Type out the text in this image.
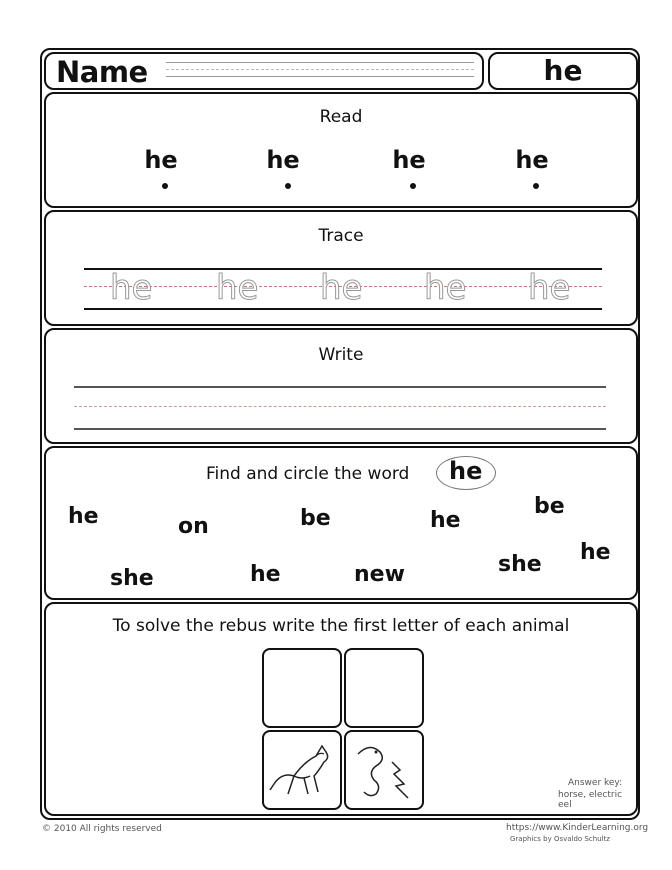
Name	he
Read
he	he	he	he
Trace
he he he he he
Write
Find and circle the word he
he	on	be	he
be
she	he	new	she he
To solve the rebus write the first letter of each animal
Answer key:
horse, electric eel
© 2010 All rights reserved	https://www.KinderLearning.org
Graphics by Osvaldo Schultz
